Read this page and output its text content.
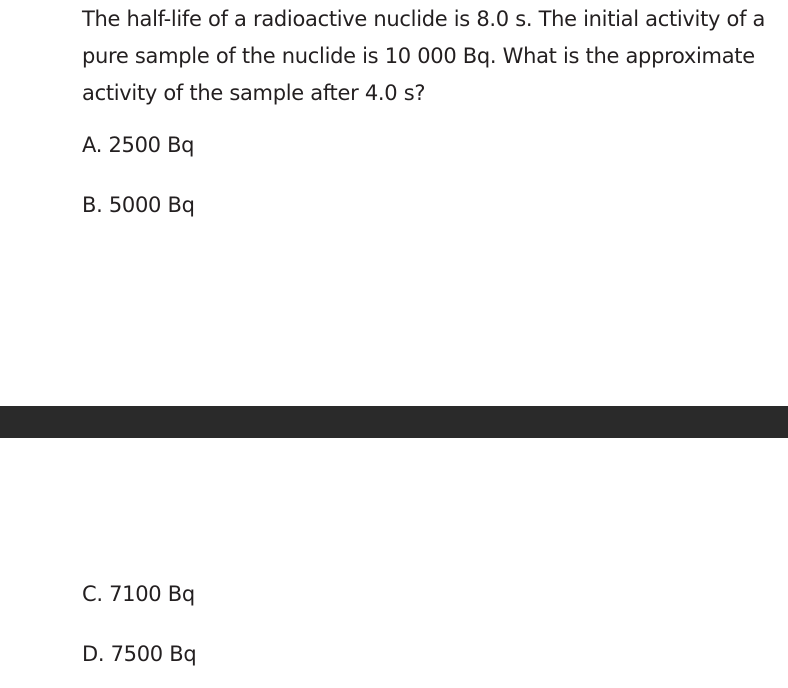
The half-life of a radioactive nuclide is 8.0 s. The initial activity of a pure sample of the nuclide is 10 000 Bq. What is the approximate activity of the sample after 4.0 s?

A. 2500 Bq
B. 5000 Bq
C. 7100 Bq
D. 7500 Bq
